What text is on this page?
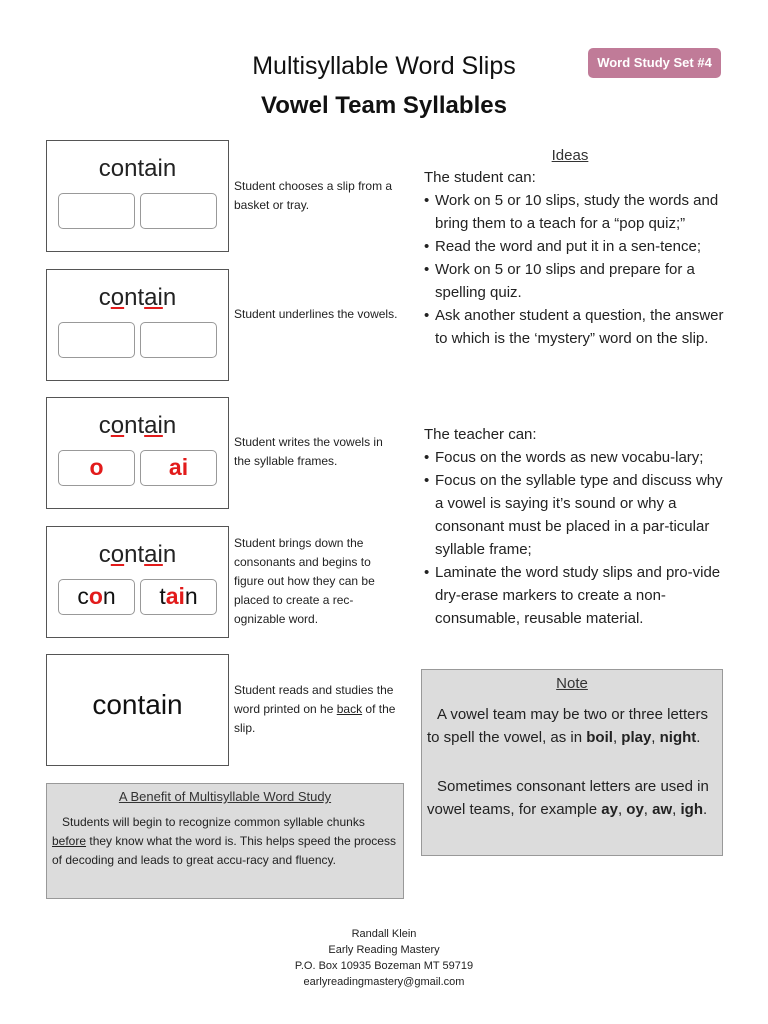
Multisyllable Word Slips
Vowel Team Syllables
Word Study Set #4
contain
Student chooses a slip from a basket or tray.
contain
Student underlines the vowels.
contain
o	ai
Student writes the vowels in the syllable frames.
contain
con	tain
Student brings down the consonants and begins to figure out how they can be placed to create a rec-ognizable word.
contain	Student reads and studies the word printed on he back of the slip.
Ideas

The student can:

• Work on 5 or 10 slips, study the words and bring them to a teach for a “pop quiz;”
• Read the word and put it in a sen-tence;
• Work on 5 or 10 slips and prepare for a spelling quiz.
• Ask another student a question, the answer to which is the ‘mystery” word on the slip.

The teacher can:

• Focus on the words as new vocabu-lary;
• Focus on the syllable type and discuss why a vowel is saying it’s sound or why a consonant must be placed in a par-ticular syllable frame;
• Laminate the word study slips and pro-vide dry-erase markers to create a non-consumable, reusable material.
Note
A vowel team may be two or three letters to spell the vowel, as in boil, play, night.
Sometimes consonant letters are used in vowel teams, for example ay, oy, aw, igh.
A Benefit of Multisyllable Word Study
Students will begin to recognize common syllable chunks before they know what the word is. This helps speed the process of decoding and leads to great accu-racy and fluency.
Randall Klein
Early Reading Mastery
P.O. Box 10935 Bozeman MT 59719
earlyreadingmastery@gmail.com
